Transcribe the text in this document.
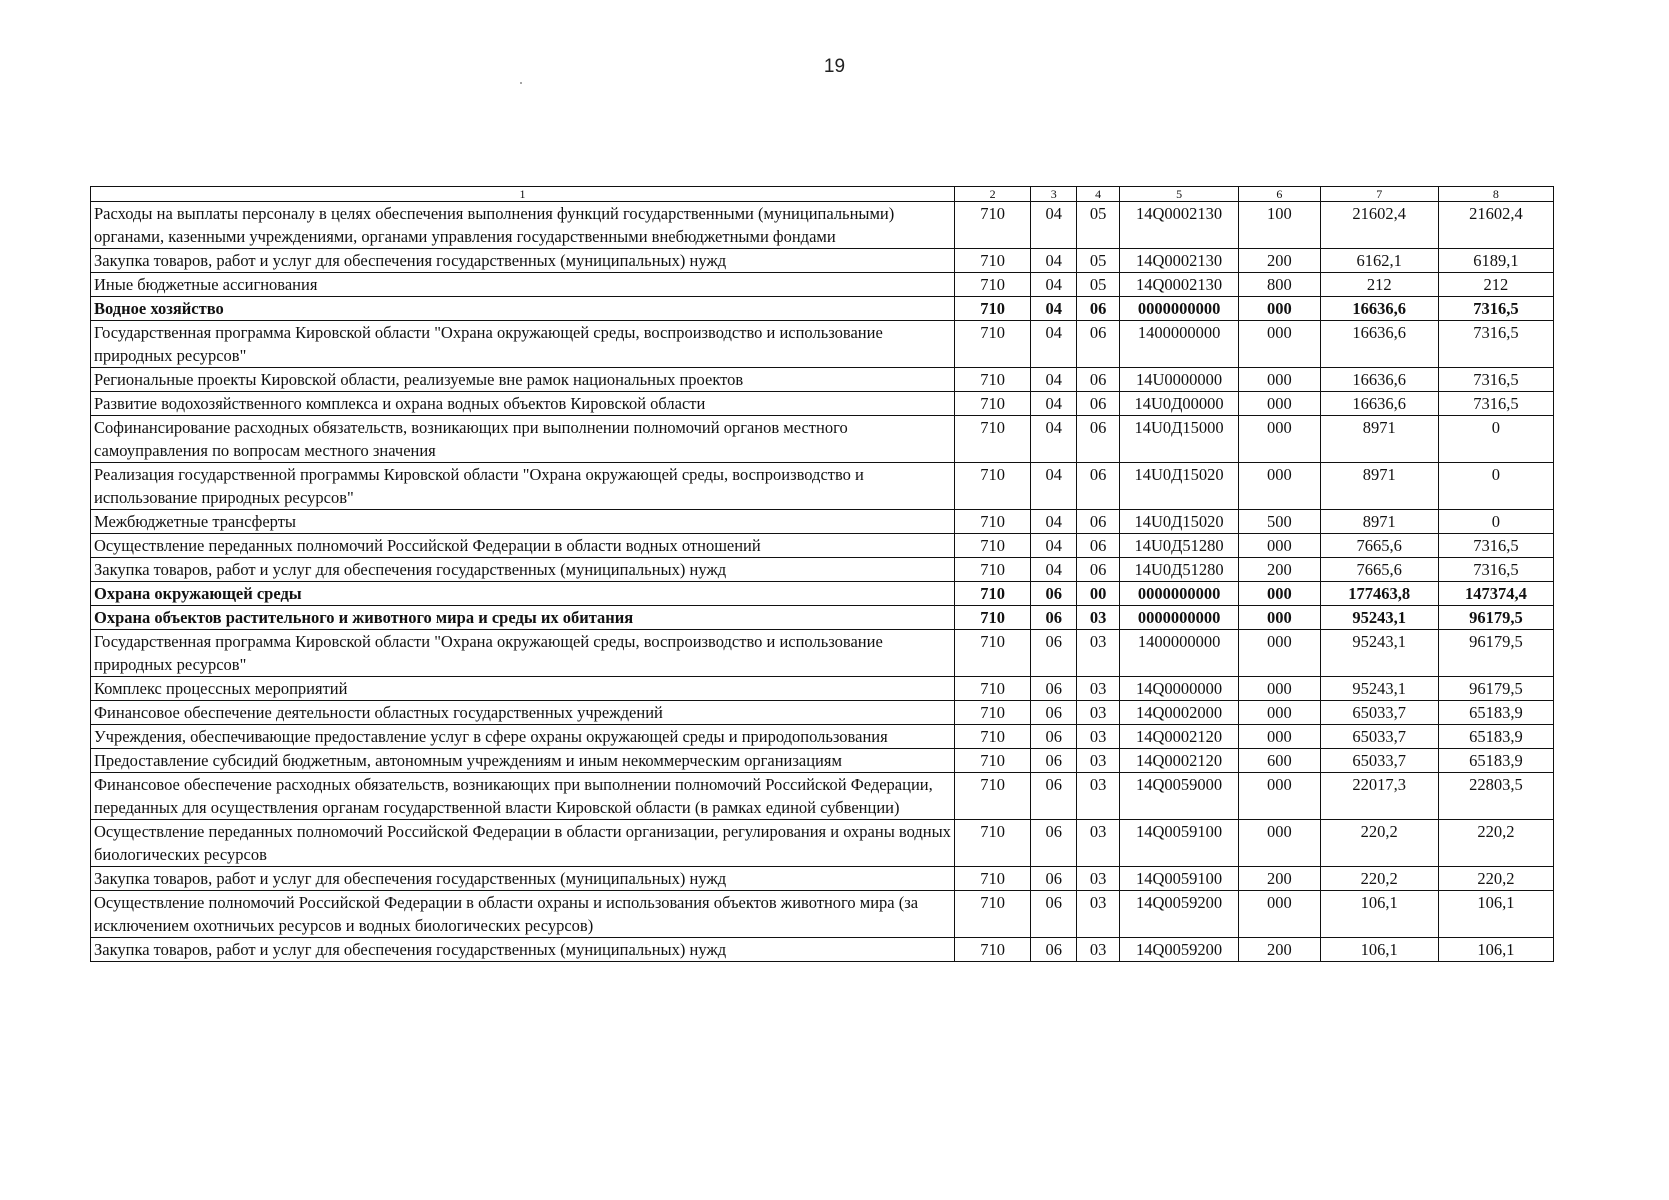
19
1	2	3	4	5	6	7	8
Расходы на выплаты персоналу в целях обеспечения выполнения функций государственными (муниципальными) органами, казенными учреждениями, органами управления государственными внебюджетными фондами	710	04	05	14Q0002130	100	21602,4	21602,4
Закупка товаров, работ и услуг для обеспечения государственных (муниципальных) нужд	710	04	05	14Q0002130	200	6162,1	6189,1
Иные бюджетные ассигнования	710	04	05	14Q0002130	800	212	212
Водное хозяйство	710	04	06	0000000000	000	16636,6	7316,5
Государственная программа Кировской области "Охрана окружающей среды, воспроизводство и использование природных ресурсов"	710	04	06	1400000000	000	16636,6	7316,5
Региональные проекты Кировской области, реализуемые вне рамок национальных проектов	710	04	06	14U0000000	000	16636,6	7316,5
Развитие водохозяйственного комплекса и охрана водных объектов Кировской области	710	04	06	14U0Д00000	000	16636,6	7316,5
Софинансирование расходных обязательств, возникающих при выполнении полномочий органов местного самоуправления по вопросам местного значения	710	04	06	14U0Д15000	000	8971	0
Реализация государственной программы Кировской области "Охрана окружающей среды, воспроизводство и использование природных ресурсов"	710	04	06	14U0Д15020	000	8971	0
Межбюджетные трансферты	710	04	06	14U0Д15020	500	8971	0
Осуществление переданных полномочий Российской Федерации в области водных отношений	710	04	06	14U0Д51280	000	7665,6	7316,5
Закупка товаров, работ и услуг для обеспечения государственных (муниципальных) нужд	710	04	06	14U0Д51280	200	7665,6	7316,5
Охрана окружающей среды	710	06	00	0000000000	000	177463,8	147374,4
Охрана объектов растительного и животного мира и среды их обитания	710	06	03	0000000000	000	95243,1	96179,5
Государственная программа Кировской области "Охрана окружающей среды, воспроизводство и использование природных ресурсов"	710	06	03	1400000000	000	95243,1	96179,5
Комплекс процессных мероприятий	710	06	03	14Q0000000	000	95243,1	96179,5
Финансовое обеспечение деятельности областных государственных учреждений	710	06	03	14Q0002000	000	65033,7	65183,9
Учреждения, обеспечивающие предоставление услуг в сфере охраны окружающей среды и природопользования	710	06	03	14Q0002120	000	65033,7	65183,9
Предоставление субсидий бюджетным, автономным учреждениям и иным некоммерческим организациям	710	06	03	14Q0002120	600	65033,7	65183,9
Финансовое обеспечение расходных обязательств, возникающих при выполнении полномочий Российской Федерации, переданных для осуществления органам государственной власти Кировской области (в рамках единой субвенции)	710	06	03	14Q0059000	000	22017,3	22803,5
Осуществление переданных полномочий Российской Федерации в области организации, регулирования и охраны водных биологических ресурсов	710	06	03	14Q0059100	000	220,2	220,2
Закупка товаров, работ и услуг для обеспечения государственных (муниципальных) нужд	710	06	03	14Q0059100	200	220,2	220,2
Осуществление полномочий Российской Федерации в области охраны и использования объектов животного мира (за исключением охотничьих ресурсов и водных биологических ресурсов)	710	06	03	14Q0059200	000	106,1	106,1
Закупка товаров, работ и услуг для обеспечения государственных (муниципальных) нужд	710	06	03	14Q0059200	200	106,1	106,1
